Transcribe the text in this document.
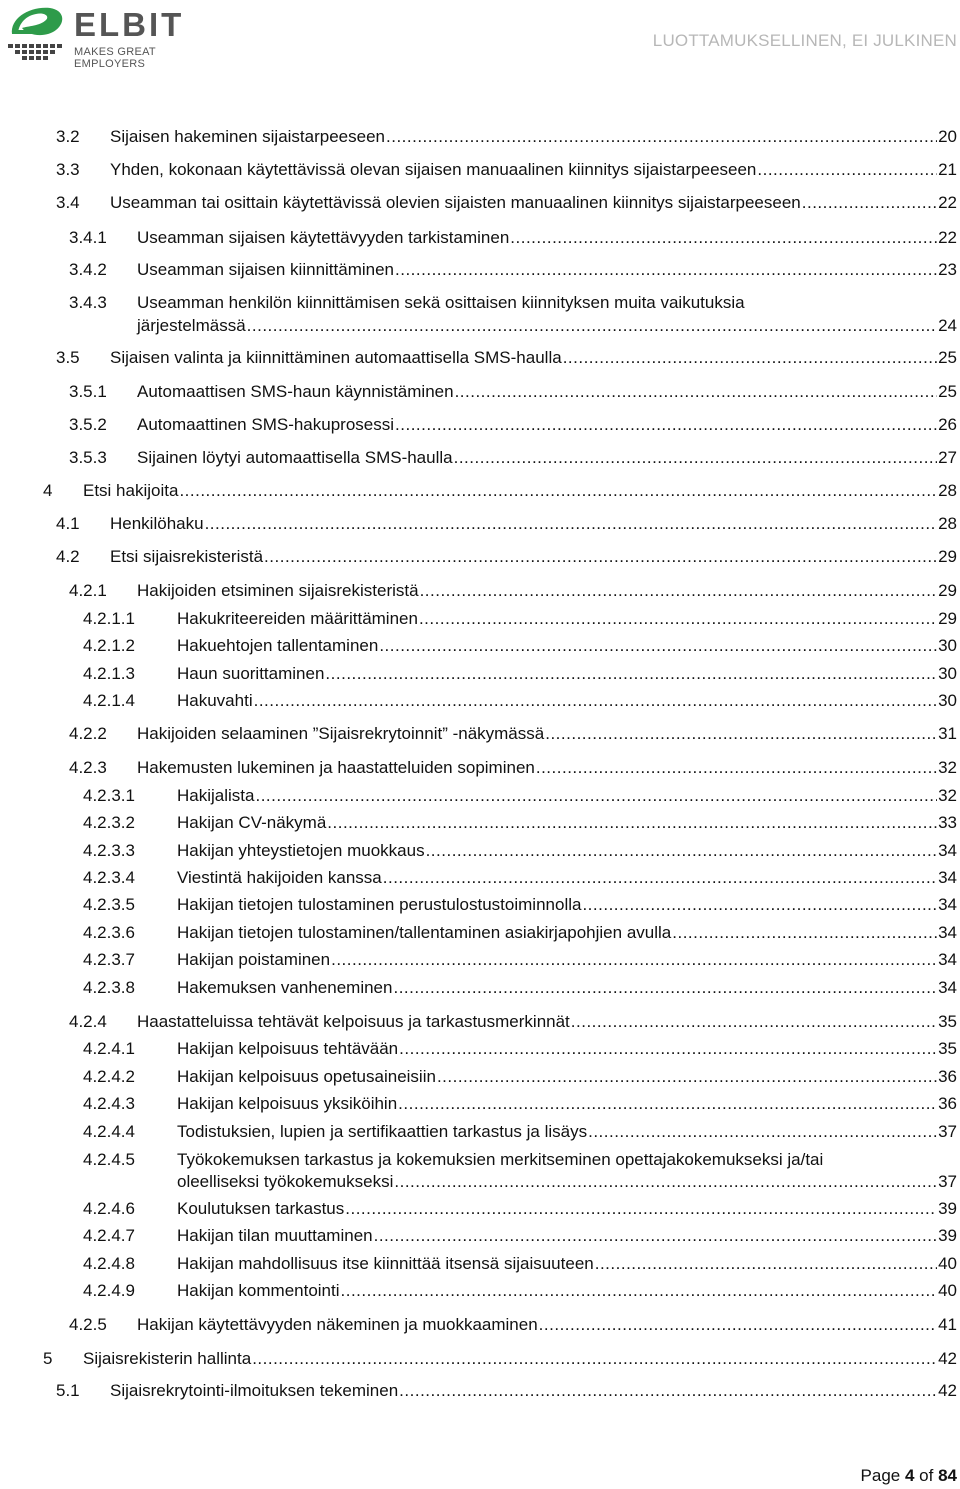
ELBIT
MAKES GREAT EMPLOYERS
LUOTTAMUKSELLINEN, EI JULKINEN
3.2 Sijaisen hakeminen sijaistarpeeseen .....	20
3.3 Yhden, kokonaan käytettävissä olevan sijaisen manuaalinen kiinnitys sijaistarpeeseen .....	21
3.4 Useamman tai osittain käytettävissä olevien sijaisten manuaalinen kiinnitys sijaistarpeeseen .....	22
3.4.1 Useamman sijaisen käytettävyyden tarkistaminen .....	22
3.4.2 Useamman sijaisen kiinnittäminen .....	23
3.4.3 Useamman henkilön kiinnittämisen sekä osittaisen kiinnityksen muita vaikutuksia
järjestelmässä .....	24
3.5 Sijaisen valinta ja kiinnittäminen automaattisella SMS-haulla .....	25
3.5.1 Automaattisen SMS-haun käynnistäminen .....	25
3.5.2 Automaattinen SMS-hakuprosessi .....	26
3.5.3 Sijainen löytyi automaattisella SMS-haulla .....	27
4 Etsi hakijoita .....	28
4.1 Henkilöhaku .....	28
4.2 Etsi sijaisrekisteristä .....	29
4.2.1 Hakijoiden etsiminen sijaisrekisteristä .....	29
4.2.1.1 Hakukriteereiden määrittäminen .....	29
4.2.1.2 Hakuehtojen tallentaminen .....	30
4.2.1.3 Haun suorittaminen .....	30
4.2.1.4 Hakuvahti .....	30
4.2.2 Hakijoiden selaaminen ”Sijaisrekrytoinnit” -näkymässä .....	31
4.2.3 Hakemusten lukeminen ja haastatteluiden sopiminen .....	32
4.2.3.1 Hakijalista .....	32
4.2.3.2 Hakijan CV-näkymä .....	33
4.2.3.3 Hakijan yhteystietojen muokkaus .....	34
4.2.3.4 Viestintä hakijoiden kanssa .....	34
4.2.3.5 Hakijan tietojen tulostaminen perustulostustoiminnolla .....	34
4.2.3.6 Hakijan tietojen tulostaminen/tallentaminen asiakirjapohjien avulla .....	34
4.2.3.7 Hakijan poistaminen .....	34
4.2.3.8 Hakemuksen vanheneminen .....	34
4.2.4 Haastatteluissa tehtävät kelpoisuus ja tarkastusmerkinnät .....	35
4.2.4.1 Hakijan kelpoisuus tehtävään .....	35
4.2.4.2 Hakijan kelpoisuus opetusaineisiin .....	36
4.2.4.3 Hakijan kelpoisuus yksiköihin .....	36
4.2.4.4 Todistuksien, lupien ja sertifikaattien tarkastus ja lisäys .....	37
4.2.4.5 Työkokemuksen tarkastus ja kokemuksien merkitseminen opettajakokemukseksi ja/tai
oleelliseksi työkokemukseksi .....	37
4.2.4.6 Koulutuksen tarkastus .....	39
4.2.4.7 Hakijan tilan muuttaminen .....	39
4.2.4.8 Hakijan mahdollisuus itse kiinnittää itsensä sijaisuuteen .....	40
4.2.4.9 Hakijan kommentointi .....	40
4.2.5 Hakijan käytettävyyden näkeminen ja muokkaaminen .....	41
5 Sijaisrekisterin hallinta .....	42
5.1 Sijaisrekrytointi-ilmoituksen tekeminen .....	42
Page 4 of 84
